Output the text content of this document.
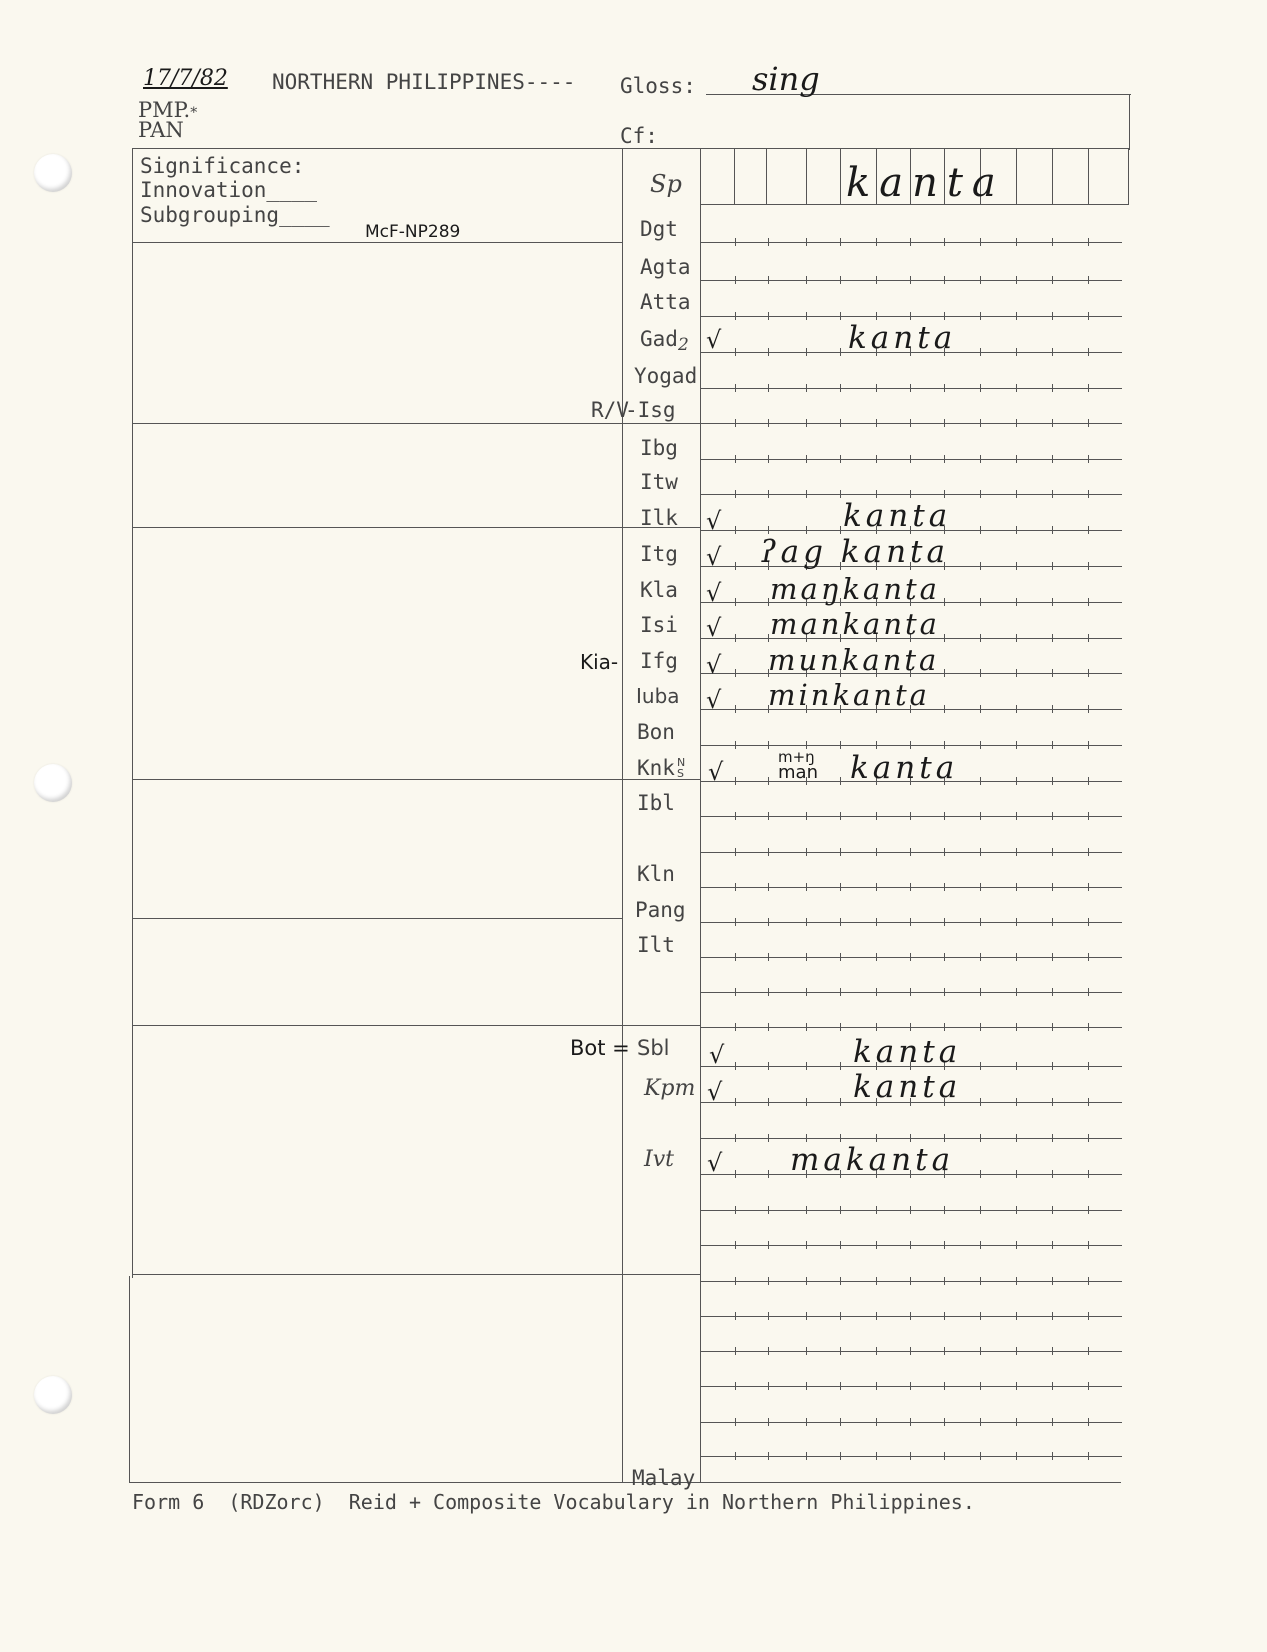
17/7/82 NORTHERN PHILIPPINES---- Gloss: sing
PMP.*
PAN	Cf:
Significance:
Innovation____
Subgrouping____
McF-NP289
R/V
Kia-
Bot =
Sp
Dgt
Agta
Atta
Gad2
Yogad
-Isg
Ibg
Itw
Ilk
Itg
Kla
Isi
Ifg
Iuba
Bon
Knk N
S
Ibl
Kln
Pang
Ilt
Sbl
Kpm
Ivt
Malay
√
√
√
√
√
√
√
√
√
√
√
kanta
kanta
kanta
ʔag kanta
maŋkanta
mankanta
munkanta
minkanta
m+ŋ
man kanta
kanta
kanta
makanta
Form 6  (RDZorc)  Reid + Composite Vocabulary in Northern Philippines.
